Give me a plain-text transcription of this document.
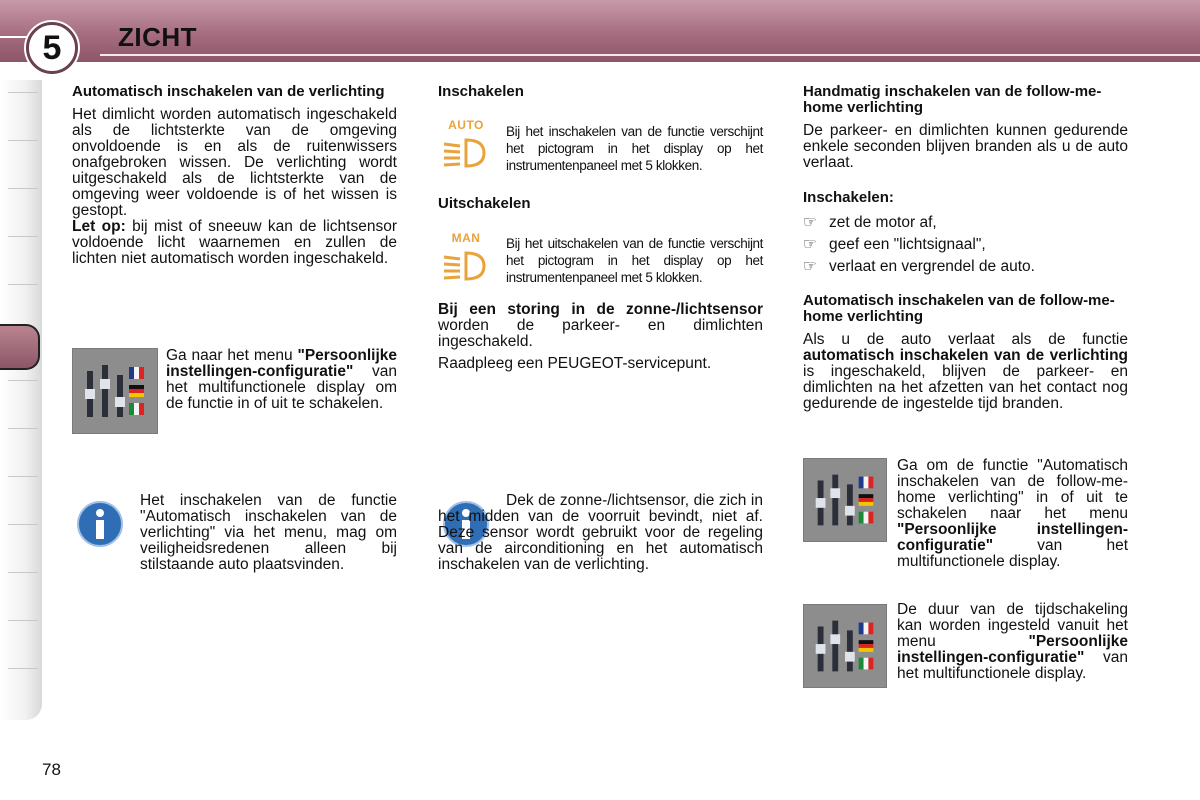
5 ZICHT

Automatisch inschakelen van de verlichting

Het dimlicht worden automatisch ingeschakeld als de lichtsterkte van de omgeving onvoldoende is en als de ruitenwissers onafgebroken wissen. De verlichting wordt uitgeschakeld als de lichtsterkte van de omgeving weer voldoende is of het wissen is gestopt.

Let op: bij mist of sneeuw kan de lichtsensor voldoende licht waarnemen en zullen de lichten niet automatisch worden ingeschakeld.

Ga naar het menu "Persoonlijke instellingen-configuratie" van het multifunctionele display om de functie in of uit te schakelen.
Het inschakelen van de functie "Automatisch inschakelen van de verlichting" via het menu, mag om veiligheidsredenen alleen bij stilstaande auto plaatsvinden.

Inschakelen

AUTO	Bij het inschakelen van de functie verschijnt het pictogram in het display op het instrumentenpaneel met 5 klokken.

Uitschakelen

MAN	Bij het uitschakelen van de functie verschijnt het pictogram in het display op het instrumentenpaneel met 5 klokken.

Bij een storing in de zonne-/lichtsensor worden de parkeer- en dimlichten ingeschakeld.

Raadpleeg een PEUGEOT-servicepunt.

Dek de zonne-/lichtsensor, die zich in het midden van de voorruit bevindt, niet af. Deze sensor wordt gebruikt voor de regeling van de airconditioning en het automatisch inschakelen van de verlichting.

Handmatig inschakelen van de follow-me-home verlichting

De parkeer- en dimlichten kunnen gedurende enkele seconden blijven branden als u de auto verlaat.

Inschakelen:

☞ zet de motor af,

☞ geef een "lichtsignaal",

☞ verlaat en vergrendel de auto.

Automatisch inschakelen van de follow-me-home verlichting

Als u de auto verlaat als de functie automatisch inschakelen van de verlichting is ingeschakeld, blijven de parkeer- en dimlichten na het afzetten van het contact nog gedurende de ingestelde tijd branden.

Ga om de functie "Automatisch inschakelen van de follow-me-home verlichting" in of uit te schakelen naar het menu "Persoonlijke instellingen-configuratie" van het multifunctionele display.
De duur van de tijdschakeling kan worden ingesteld vanuit het menu "Persoonlijke instellingen-configuratie" van het multifunctionele display.
78
